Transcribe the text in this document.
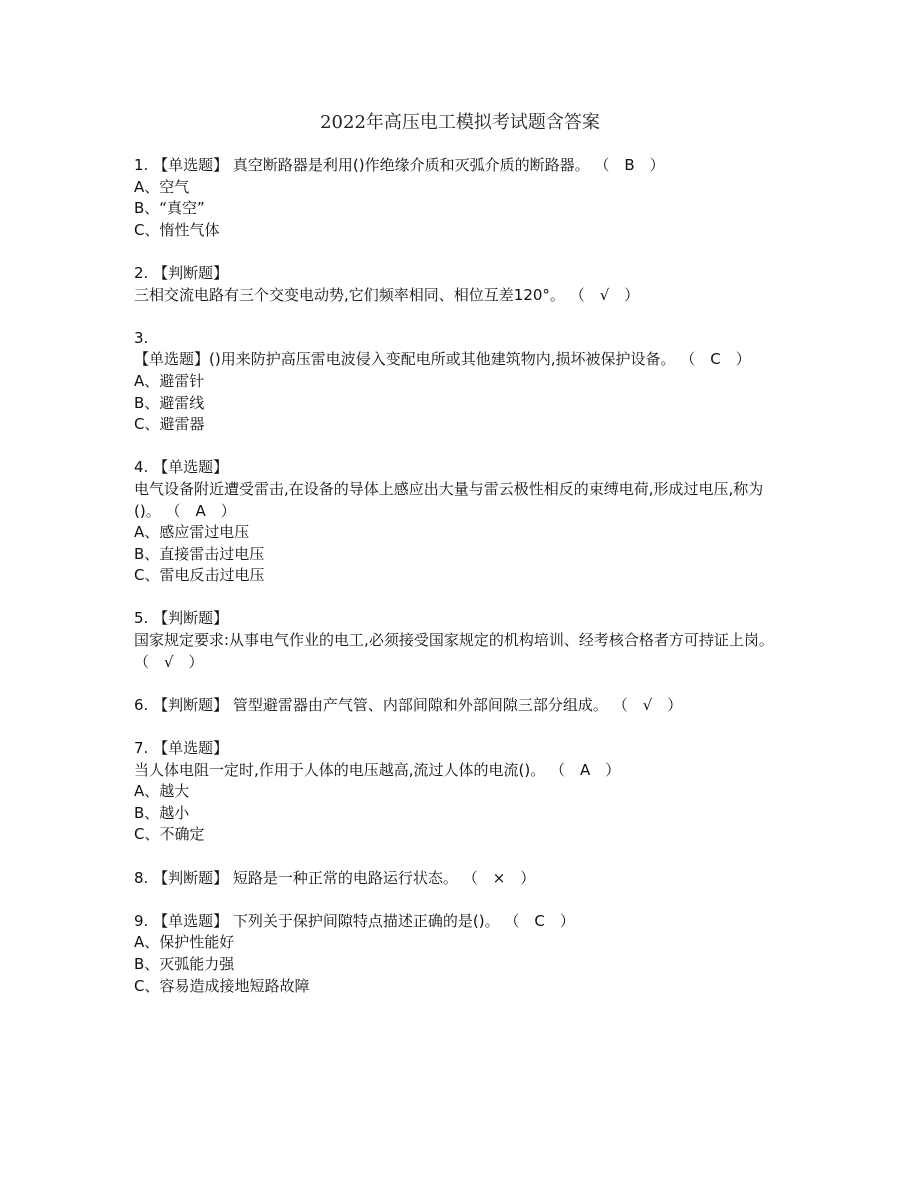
2022年高压电工模拟考试题含答案
1. 【单选题】 真空断路器是利用()作绝缘介质和灭弧介质的断路器。 （　B　）
A、空气
B、“真空”
C、惰性气体
2. 【判断题】
三相交流电路有三个交变电动势,它们频率相同、相位互差120°。 （　√　）
3.
【单选题】()用来防护高压雷电波侵入变配电所或其他建筑物内,损坏被保护设备。 （　C　）
A、避雷针
B、避雷线
C、避雷器
4. 【单选题】
电气设备附近遭受雷击,在设备的导体上感应出大量与雷云极性相反的束缚电荷,形成过电压,称为()。 （　A　）
A、感应雷过电压
B、直接雷击过电压
C、雷电反击过电压
5. 【判断题】
国家规定要求:从事电气作业的电工,必须接受国家规定的机构培训、经考核合格者方可持证上岗。 （　√　）
6. 【判断题】 管型避雷器由产气管、内部间隙和外部间隙三部分组成。 （　√　）
7. 【单选题】
当人体电阻一定时,作用于人体的电压越高,流过人体的电流()。 （　A　）
A、越大
B、越小
C、不确定
8. 【判断题】 短路是一种正常的电路运行状态。 （　×　）
9. 【单选题】 下列关于保护间隙特点描述正确的是()。 （　C　）
A、保护性能好
B、灭弧能力强
C、容易造成接地短路故障
